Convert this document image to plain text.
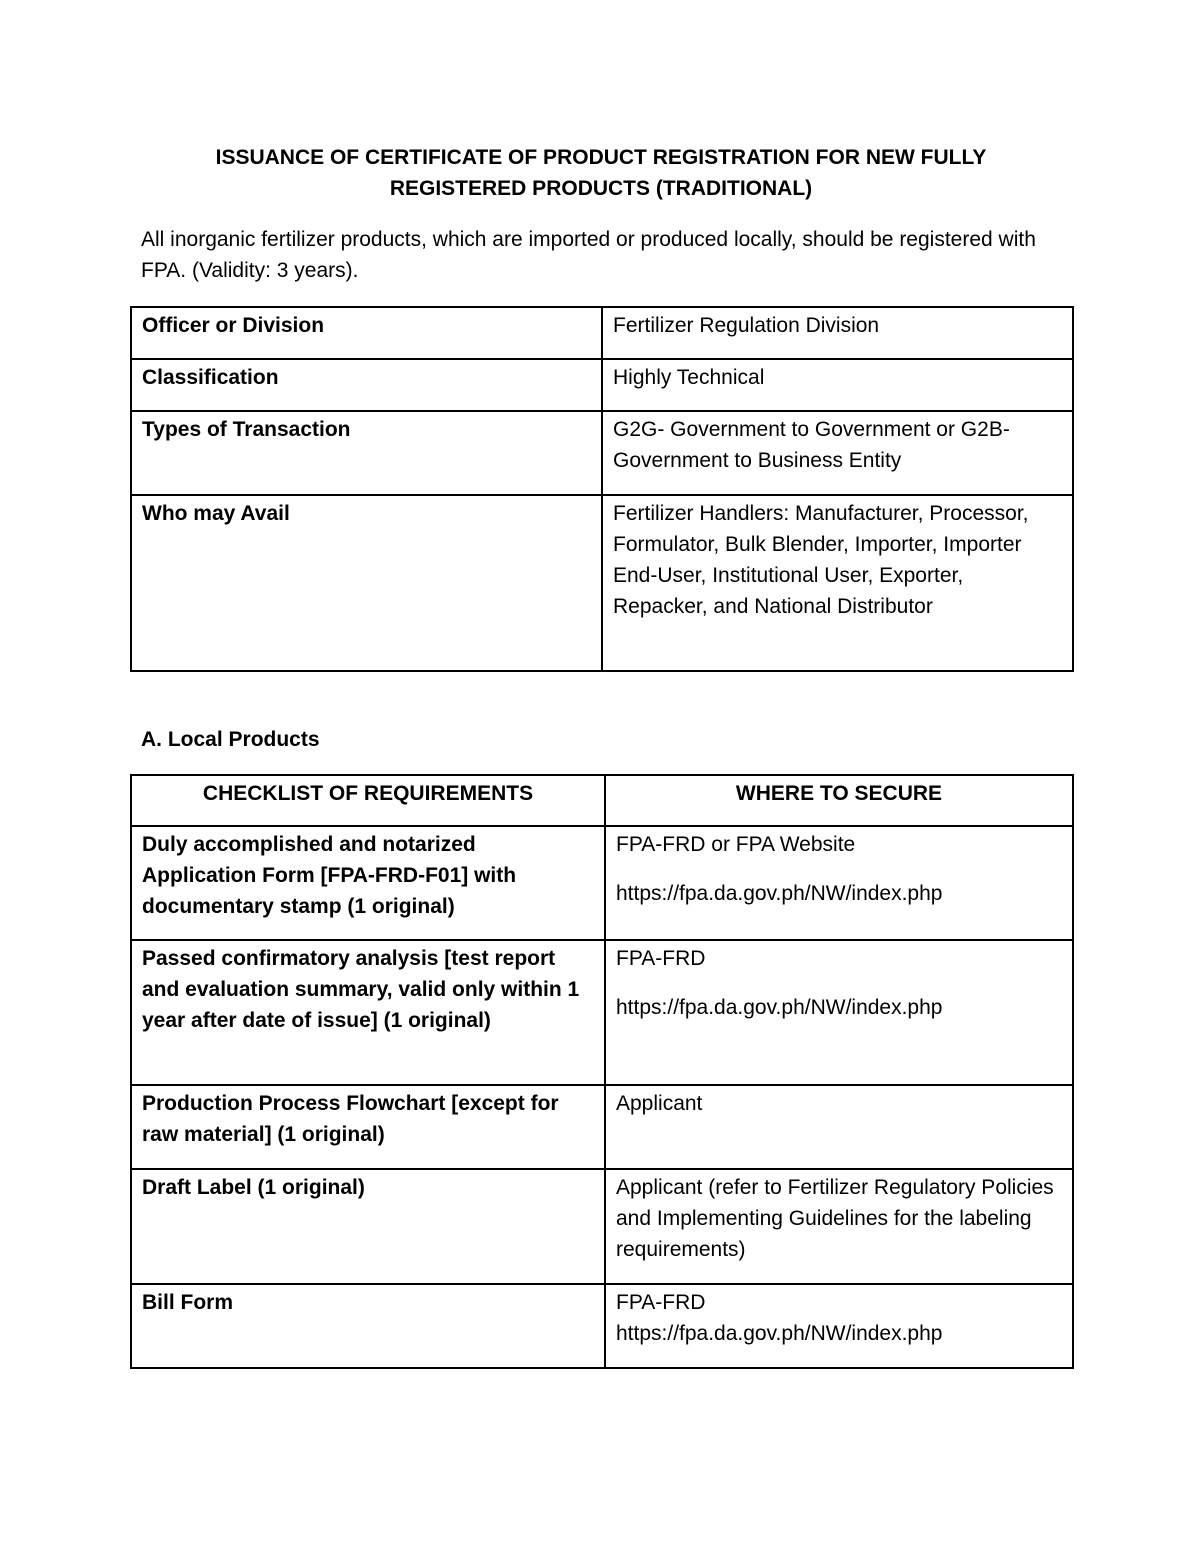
ISSUANCE OF CERTIFICATE OF PRODUCT REGISTRATION FOR NEW FULLY
REGISTERED PRODUCTS (TRADITIONAL)

All inorganic fertilizer products, which are imported or produced locally, should be registered with FPA. (Validity: 3 years).

Officer or Division	Fertilizer Regulation Division
Classification	Highly Technical
Types of Transaction	G2G- Government to Government or G2B- Government to Business Entity
Who may Avail	Fertilizer Handlers: Manufacturer, Processor, Formulator, Bulk Blender, Importer, Importer End-User, Institutional User, Exporter, Repacker, and National Distributor

A. Local Products

CHECKLIST OF REQUIREMENTS	WHERE TO SECURE
Duly accomplished and notarized Application Form [FPA-FRD-F01] with documentary stamp (1 original)	FPA-FRD or FPA Website
https://fpa.da.gov.ph/NW/index.php

Passed confirmatory analysis [test report and evaluation summary, valid only within 1 year after date of issue] (1 original)	FPA-FRD
https://fpa.da.gov.ph/NW/index.php

Production Process Flowchart [except for raw material] (1 original)	Applicant

Draft Label (1 original)	Applicant (refer to Fertilizer Regulatory Policies and Implementing Guidelines for the labeling requirements)

Bill Form	FPA-FRD
https://fpa.da.gov.ph/NW/index.php
